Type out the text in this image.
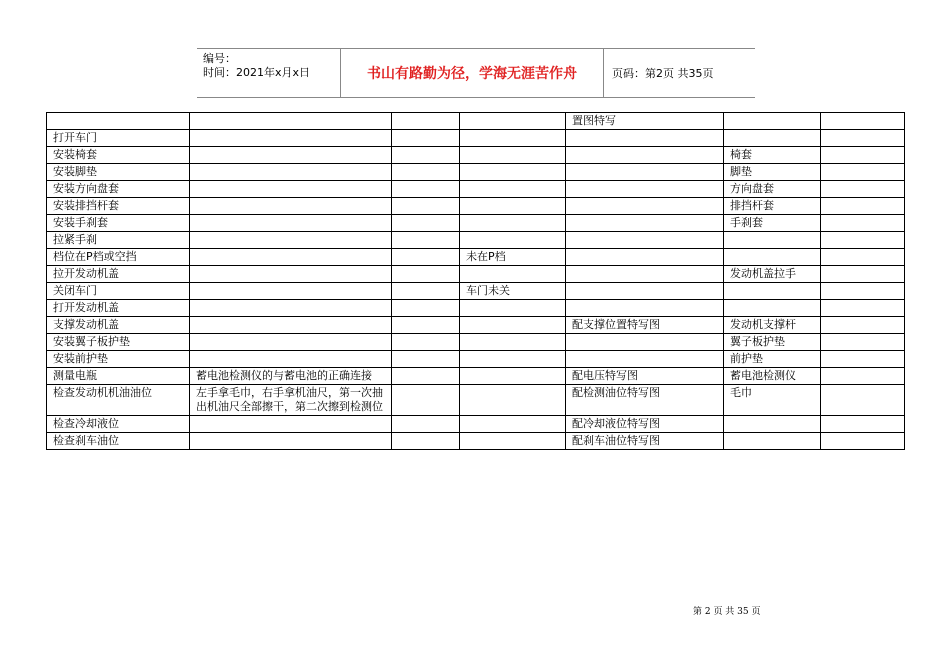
编号：
时间：2021年x月x日	书山有路勤为径，学海无涯苦作舟	页码：第2页 共35页
				置图特写		
打开车门						
安装椅套					椅套	
安装脚垫					脚垫	
安装方向盘套					方向盘套	
安装排挡杆套					排挡杆套	
安装手刹套					手刹套	
拉紧手刹						
档位在P档或空挡			未在P档			
拉开发动机盖					发动机盖拉手	
关闭车门			车门未关			
打开发动机盖						
支撑发动机盖				配支撑位置特写图	发动机支撑杆	
安装翼子板护垫					翼子板护垫	
安装前护垫					前护垫	
测量电瓶	蓄电池检测仪的与蓄电池的正确连接			配电压特写图	蓄电池检测仪	
检查发动机机油油位	左手拿毛巾，右手拿机油尺，第一次抽出机油尺全部擦干，第二次擦到检测位			配检测油位特写图	毛巾	
检查冷却液位				配冷却液位特写图		
检查刹车油位				配刹车油位特写图		
第 2 页 共 35 页
